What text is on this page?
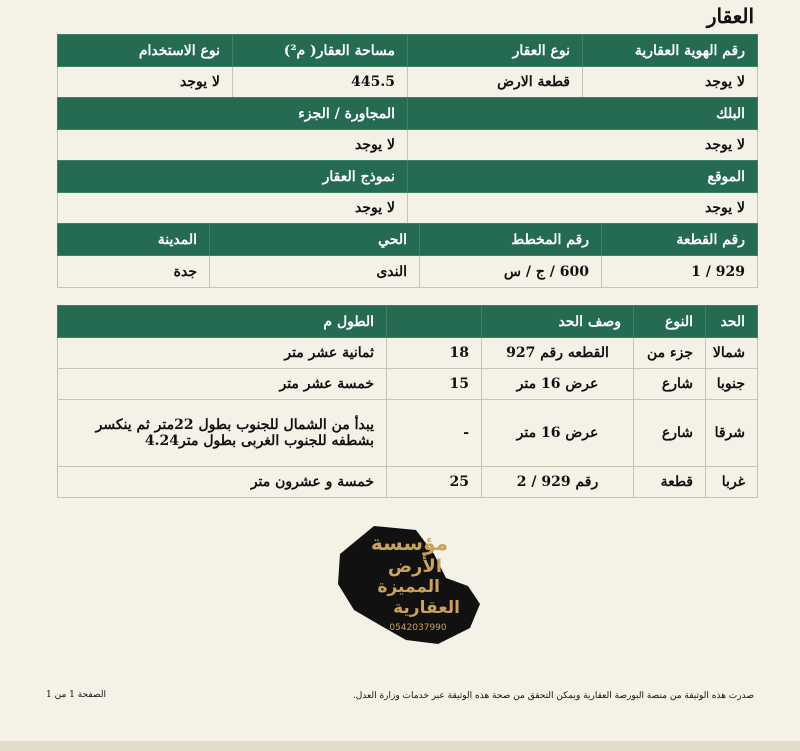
العقار
رقم الهوية العقارية	نوع العقار	مساحة العقار( م²)	نوع الاستخدام
لا يوجد	قطعة الارض	445.5	لا يوجد
البلك	المجاورة / الجزء
لا يوجد	لا يوجد
الموقع	نموذج العقار
لا يوجد	لا يوجد
رقم القطعة	رقم المخطط	الحي	المدينة
929 / 1	600 / ج / س	الندى	جدة
الحد	النوع	وصف الحد		الطول م
شمالا	جزء من	القطعه رقم 927	18	ثمانية عشر متر
جنوبا	شارع	عرض 16 متر	15	خمسة عشر متر
شرقا	شارع	عرض 16 متر	-	يبدأ من الشمال للجنوب بطول 22متر ثم ينكسر بشطفه للجنوب الغربى بطول متر4.24
غربا	قطعة	رقم 929 / 2	25	خمسة و عشرون متر
مؤسسة
الأرض
المميزة
العقارية
0542037990
صدرت هذه الوثيقة من منصة البورصة العقارية ويمكن التحقق من صحة هذه الوثيقة عبر خدمات وزارة العدل.
الصفحة 1 من 1
